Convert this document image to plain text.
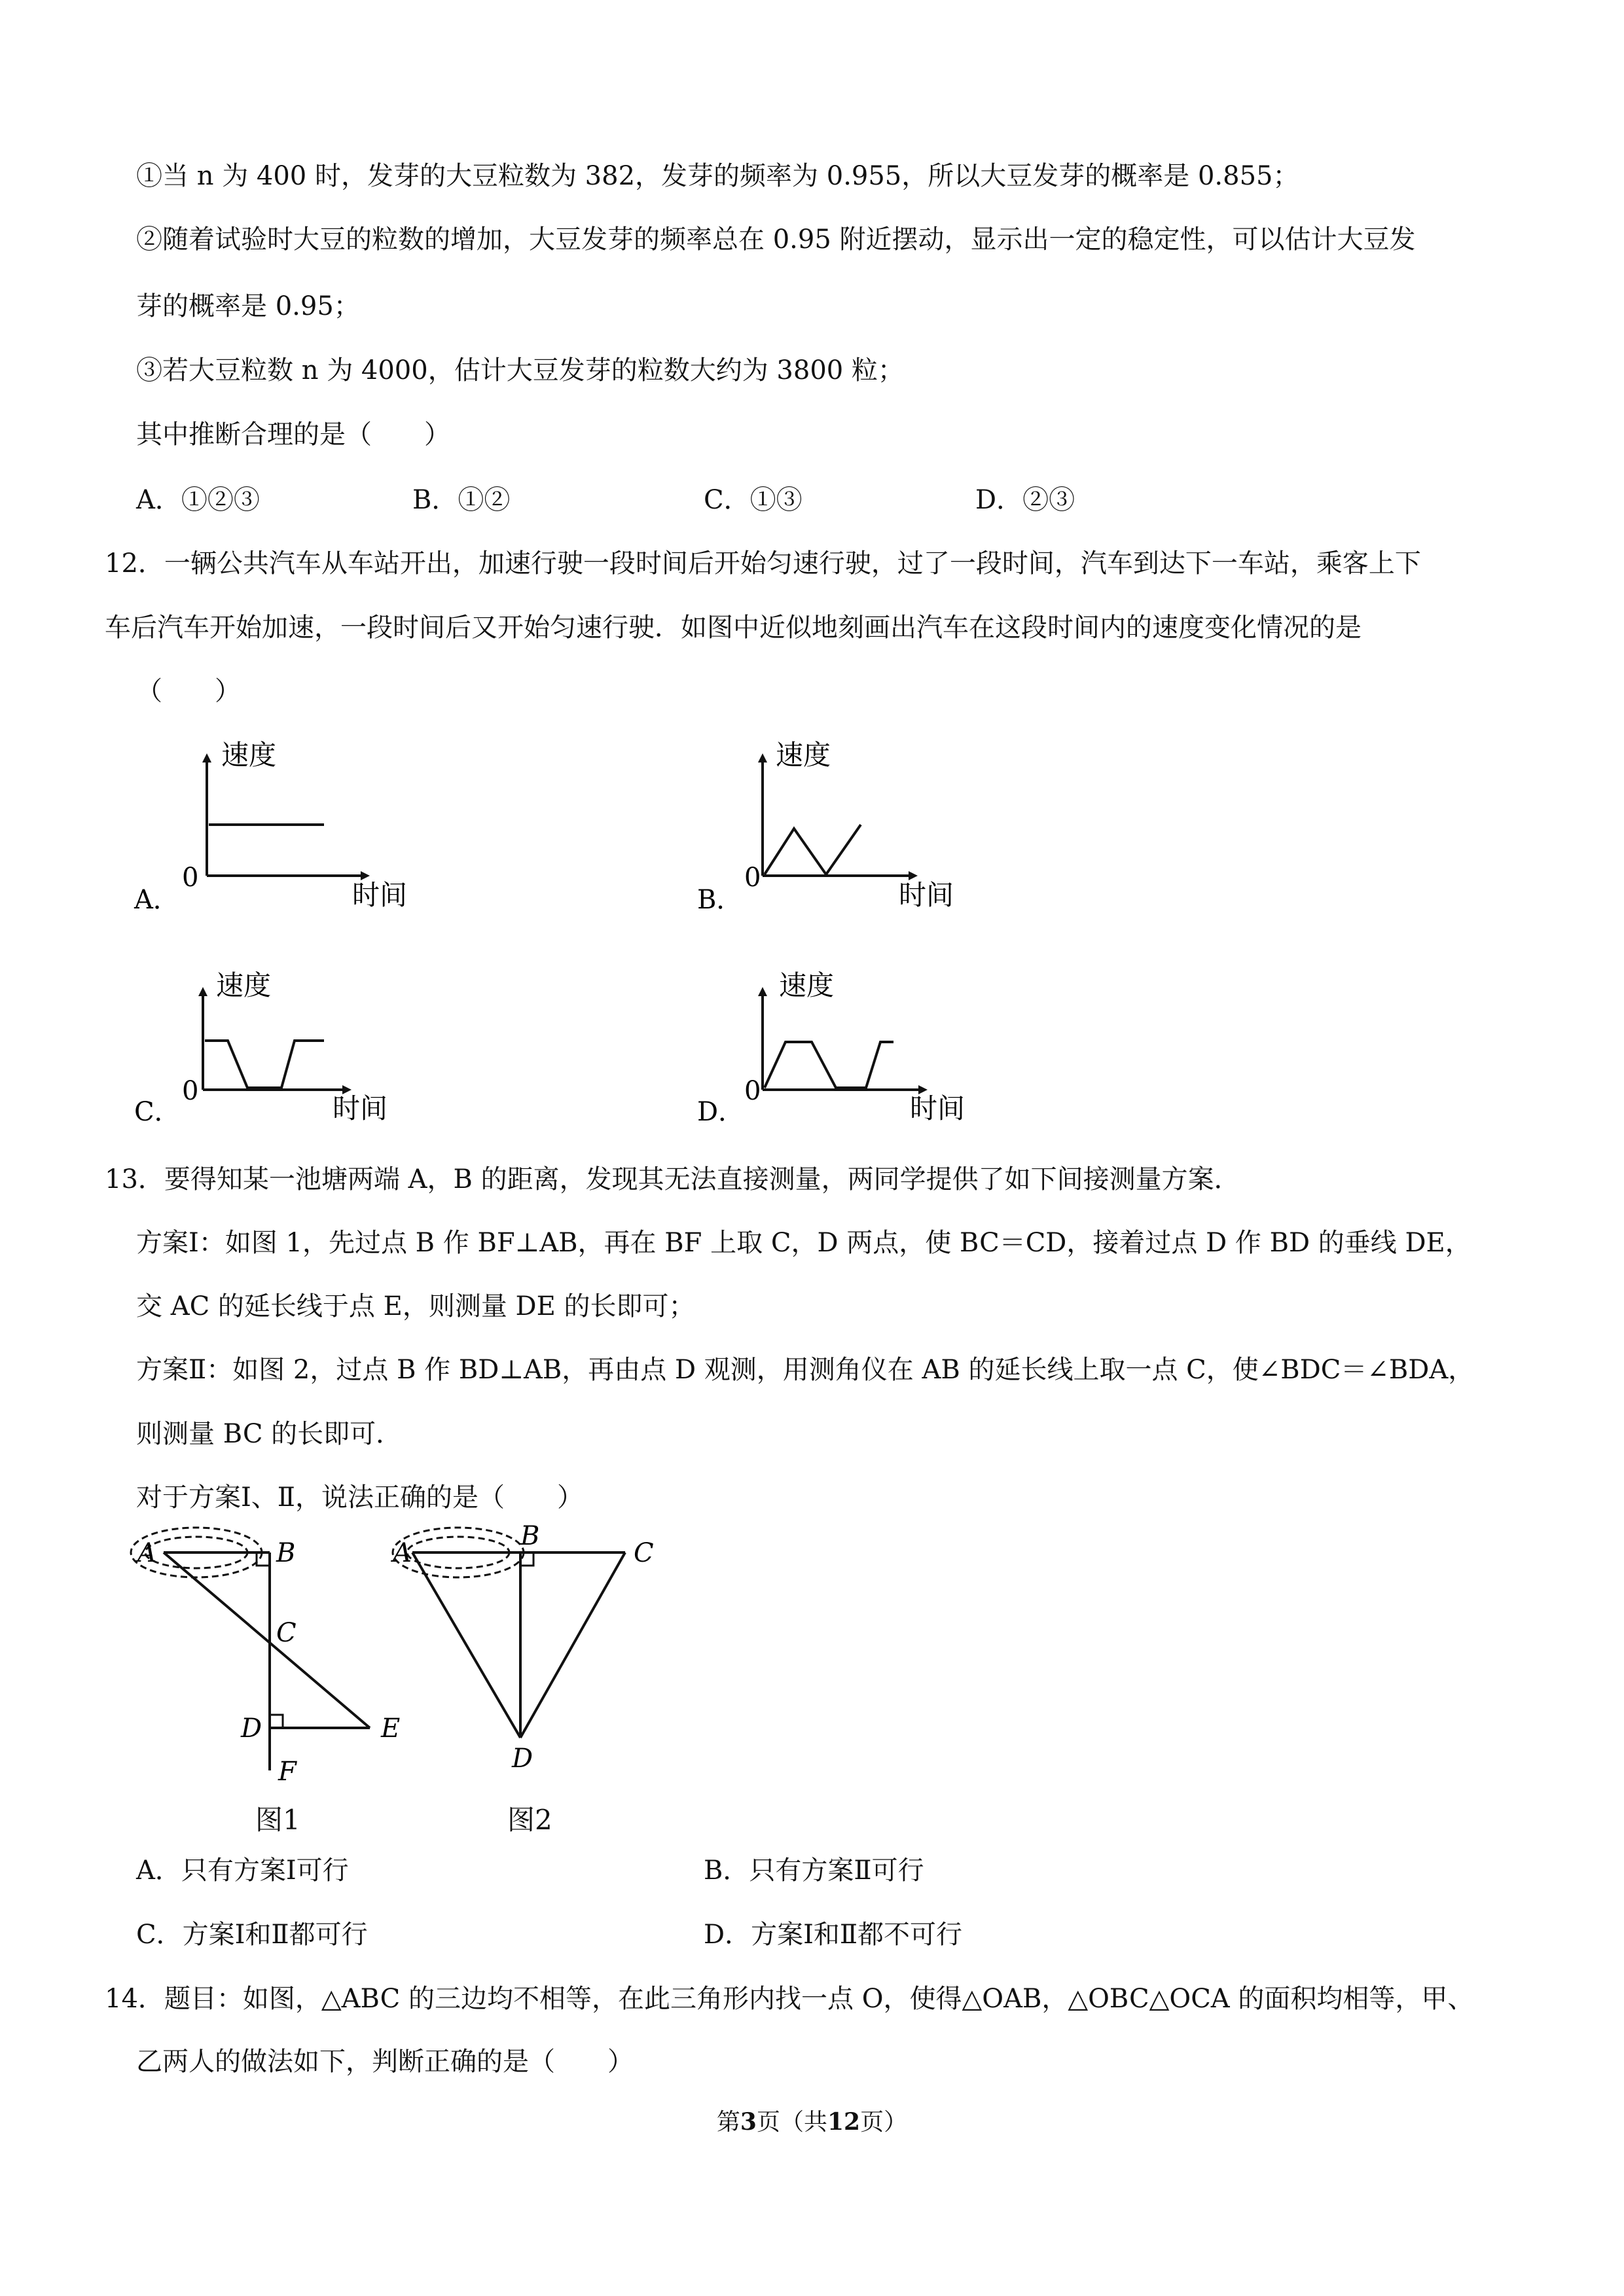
①当 n 为 400 时，发芽的大豆粒数为 382，发芽的频率为 0.955，所以大豆发芽的概率是 0.855；
②随着试验时大豆的粒数的增加，大豆发芽的频率总在 0.95 附近摆动，显示出一定的稳定性，可以估计大豆发
芽的概率是 0.95；
③若大豆粒数 n 为 4000，估计大豆发芽的粒数大约为 3800 粒；
其中推断合理的是（　　）
A．①②③	B．①②	C．①③	D．②③
12．一辆公共汽车从车站开出，加速行驶一段时间后开始匀速行驶，过了一段时间，汽车到达下一车站，乘客上下
车后汽车开始加速，一段时间后又开始匀速行驶．如图中近似地刻画出汽车在这段时间内的速度变化情况的是
（　　）
A．
速度
时间
0
B．
速度
时间
0
C．
速度
时间
0
D．
速度
时间
0
13．要得知某一池塘两端 A，B 的距离，发现其无法直接测量，两同学提供了如下间接测量方案．
方案Ⅰ：如图 1，先过点 B 作 BF⊥AB，再在 BF 上取 C，D 两点，使 BC＝CD，接着过点 D 作 BD 的垂线 DE，
交 AC 的延长线于点 E，则测量 DE 的长即可；
方案Ⅱ：如图 2，过点 B 作 BD⊥AB，再由点 D 观测，用测角仪在 AB 的延长线上取一点 C，使∠BDC＝∠BDA，
则测量 BC 的长即可．
对于方案Ⅰ、Ⅱ，说法正确的是（　　）
A	B
C
D	E
F
图1
A
B
C
D
图2
A．只有方案Ⅰ可行	B．只有方案Ⅱ可行
C．方案Ⅰ和Ⅱ都可行	D．方案Ⅰ和Ⅱ都不可行
14．题目：如图，△ABC 的三边均不相等，在此三角形内找一点 O，使得△OAB，△OBC△OCA 的面积均相等，甲、
乙两人的做法如下，判断正确的是（　　）
第3页（共12页）
